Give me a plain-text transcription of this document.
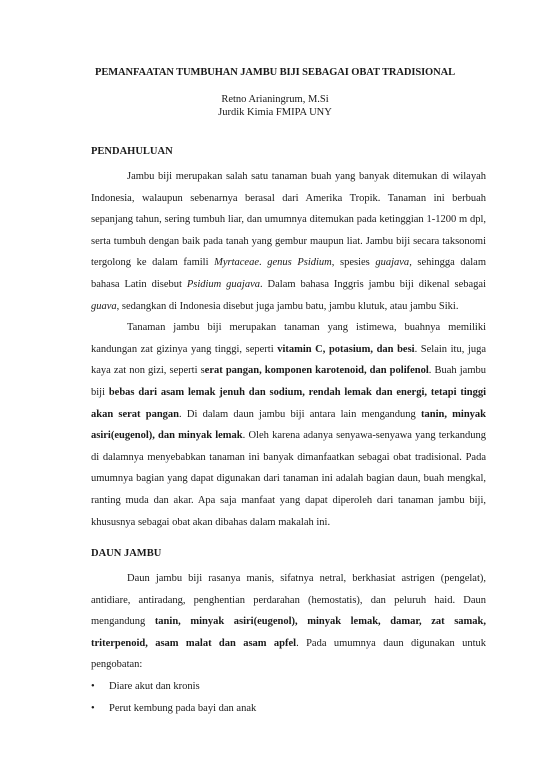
PEMANFAATAN TUMBUHAN JAMBU BIJI SEBAGAI OBAT TRADISIONAL
Retno Arianingrum, M.Si
Jurdik Kimia FMIPA UNY
PENDAHULUAN

Jambu biji merupakan salah satu tanaman buah yang banyak ditemukan di wilayah Indonesia, walaupun sebenarnya berasal dari Amerika Tropik. Tanaman ini berbuah sepanjang tahun, sering tumbuh liar, dan umumnya ditemukan pada ketinggian 1-1200 m dpl, serta tumbuh dengan baik pada tanah yang gembur maupun liat. Jambu biji secara taksonomi tergolong ke dalam famili Myrtaceae. genus Psidium, spesies guajava, sehingga dalam bahasa Latin disebut Psidium guajava. Dalam bahasa Inggris jambu biji dikenal sebagai guava, sedangkan di Indonesia disebut juga jambu batu, jambu klutuk, atau jambu Siki.

Tanaman jambu biji merupakan tanaman yang istimewa, buahnya memiliki kandungan zat gizinya yang tinggi, seperti vitamin C, potasium, dan besi. Selain itu, juga kaya zat non gizi, seperti serat pangan, komponen karotenoid, dan polifenol. Buah jambu biji bebas dari asam lemak jenuh dan sodium, rendah lemak dan energi, tetapi tinggi akan serat pangan. Di dalam daun jambu biji antara lain mengandung tanin, minyak asiri(eugenol), dan minyak lemak. Oleh karena adanya senyawa-senyawa yang terkandung di dalamnya menyebabkan tanaman ini banyak dimanfaatkan sebagai obat tradisional. Pada umumnya bagian yang dapat digunakan dari tanaman ini adalah bagian daun, buah mengkal, ranting muda dan akar. Apa saja manfaat yang dapat diperoleh dari tanaman jambu biji, khususnya sebagai obat akan dibahas dalam makalah ini.

DAUN JAMBU

Daun jambu biji rasanya manis, sifatnya netral, berkhasiat astrigen (pengelat), antidiare, antiradang, penghentian perdarahan (hemostatis), dan peluruh haid. Daun mengandung tanin, minyak asiri(eugenol), minyak lemak, damar, zat samak, triterpenoid, asam malat dan asam apfel. Pada umumnya daun digunakan untuk pengobatan:

• Diare akut dan kronis
• Perut kembung pada bayi dan anak
